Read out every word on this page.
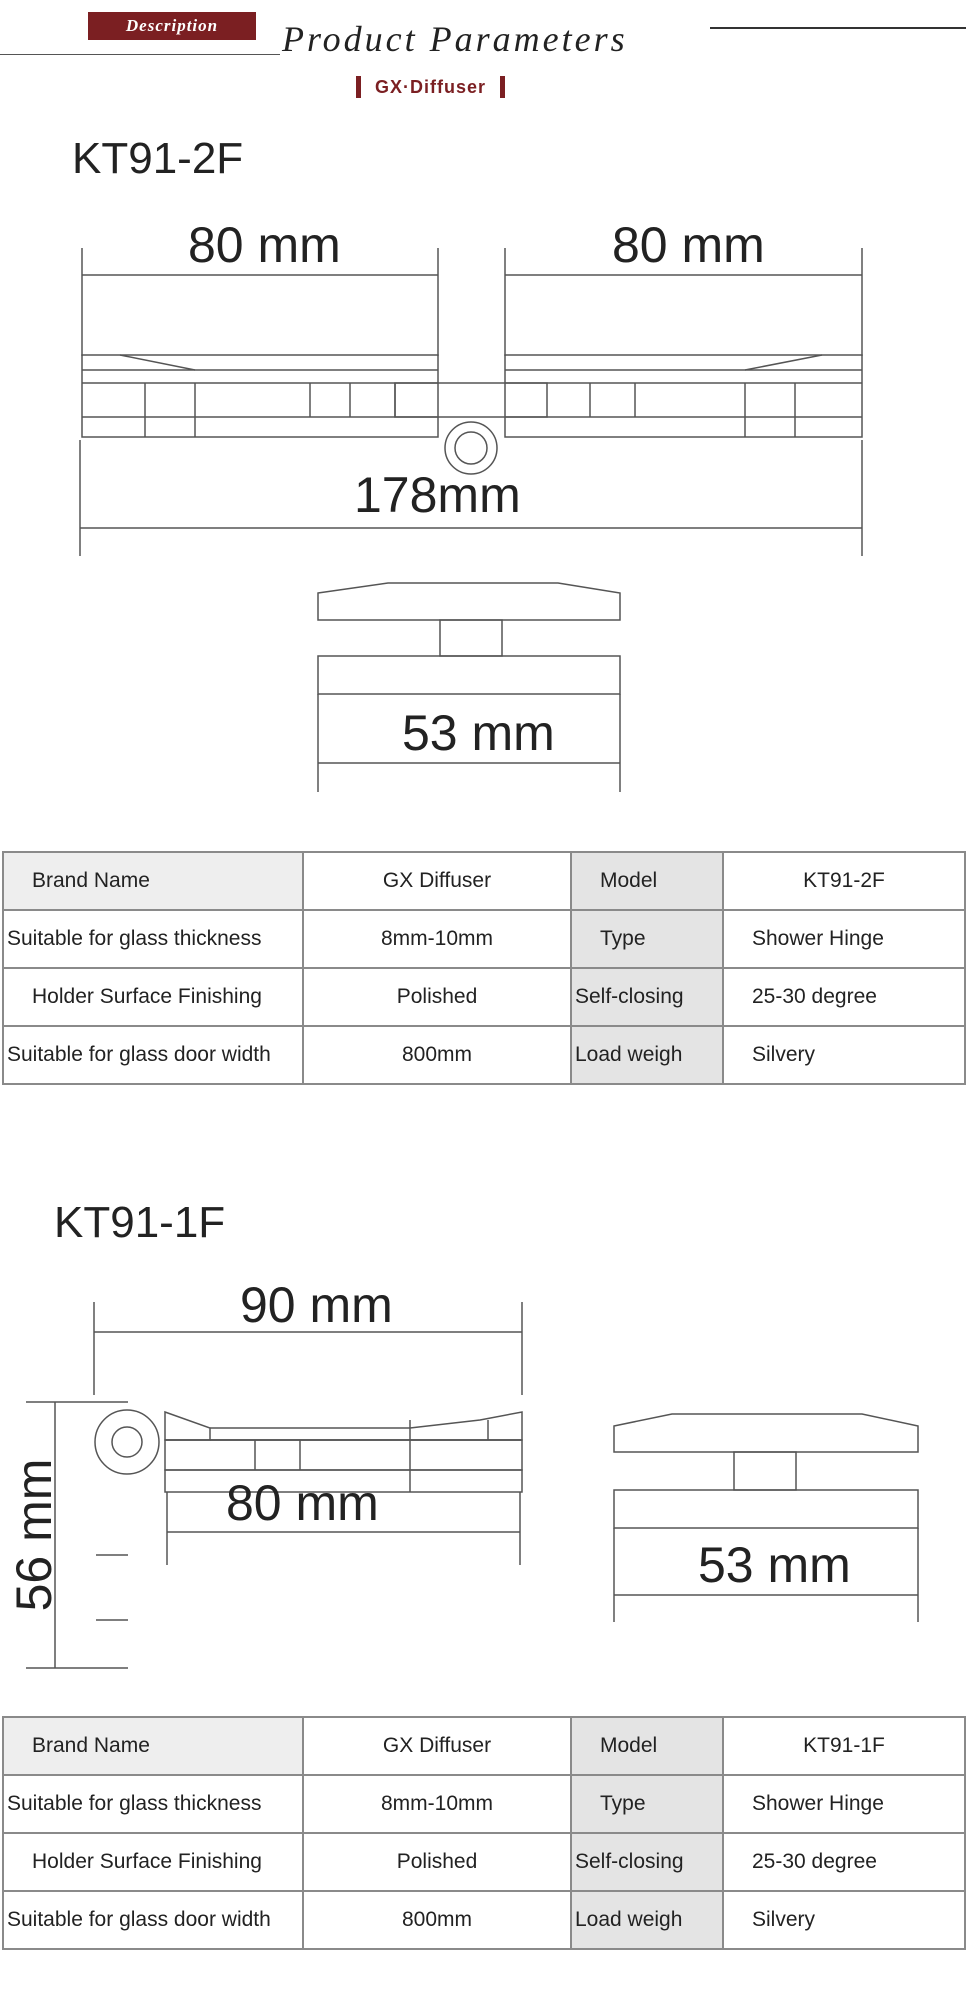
Description	Product Parameters
GX·Diffuser
KT91-2F
80 mm	80 mm
178mm
53 mm
Brand Name	GX Diffuser	Model	KT91-2F
Suitable for glass thickness	8mm-10mm	Type	Shower Hinge
Holder Surface Finishing	Polished	Self-closing	25-30 degree
Suitable for glass door width	800mm	Load weigh	Silvery
KT91-1F
90 mm
80 mm
56 mm	53 mm
Brand Name	GX Diffuser	Model	KT91-1F
Suitable for glass thickness	8mm-10mm	Type	Shower Hinge
Holder Surface Finishing	Polished	Self-closing	25-30 degree
Suitable for glass door width	800mm	Load weigh	Silvery
